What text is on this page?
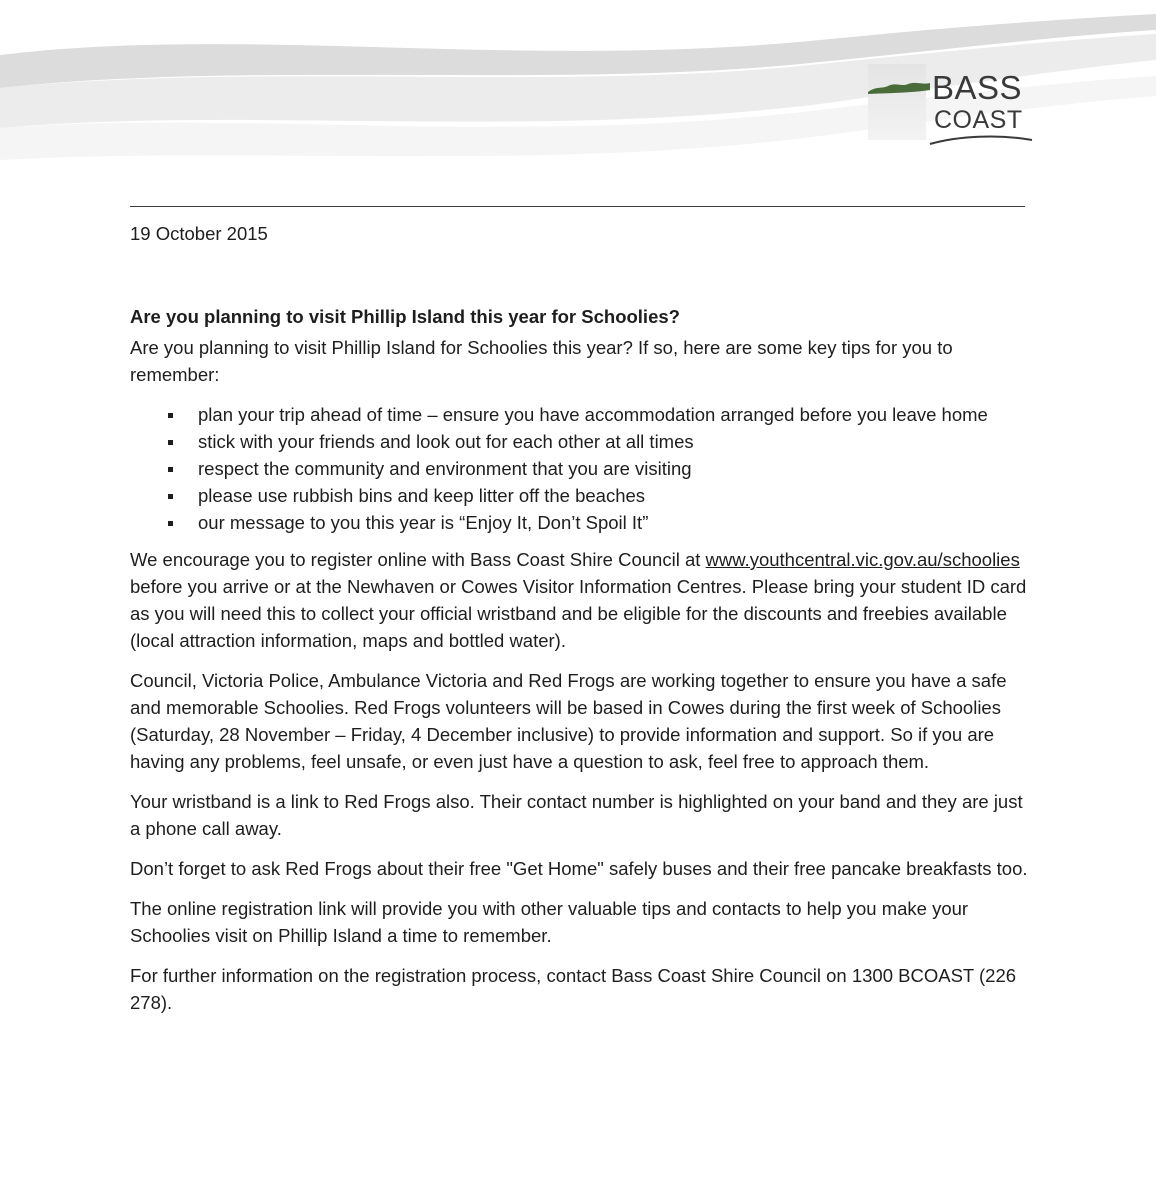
BASS
COAST

19 October 2015

Are you planning to visit Phillip Island this year for Schoolies?

Are you planning to visit Phillip Island for Schoolies this year? If so, here are some key tips for you to remember:

plan your trip ahead of time – ensure you have accommodation arranged before you leave home
stick with your friends and look out for each other at all times
respect the community and environment that you are visiting
please use rubbish bins and keep litter off the beaches
our message to you this year is “Enjoy It, Don’t Spoil It”

We encourage you to register online with Bass Coast Shire Council at www.youthcentral.vic.gov.au/schoolies before you arrive or at the Newhaven or Cowes Visitor Information Centres. Please bring your student ID card as you will need this to collect your official wristband and be eligible for the discounts and freebies available (local attraction information, maps and bottled water).

Council, Victoria Police, Ambulance Victoria and Red Frogs are working together to ensure you have a safe and memorable Schoolies. Red Frogs volunteers will be based in Cowes during the first week of Schoolies (Saturday, 28 November – Friday, 4 December inclusive) to provide information and support. So if you are having any problems, feel unsafe, or even just have a question to ask, feel free to approach them.

Your wristband is a link to Red Frogs also. Their contact number is highlighted on your band and they are just a phone call away.

Don’t forget to ask Red Frogs about their free "Get Home" safely buses and their free pancake breakfasts too.

The online registration link will provide you with other valuable tips and contacts to help you make your Schoolies visit on Phillip Island a time to remember.

For further information on the registration process, contact Bass Coast Shire Council on 1300 BCOAST (226 278).
